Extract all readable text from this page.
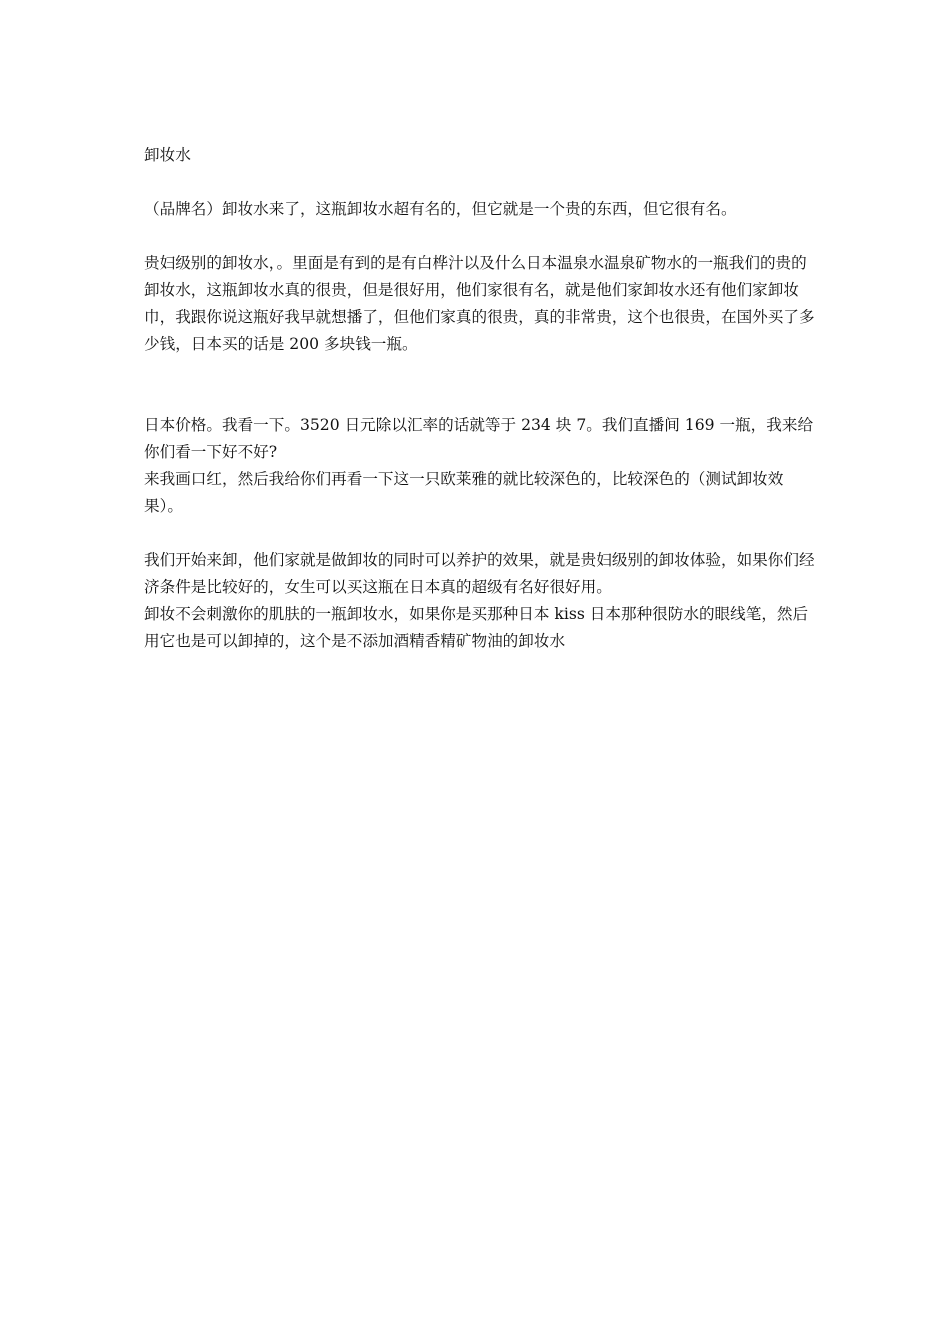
卸妆水

（品牌名）卸妆水来了，这瓶卸妆水超有名的，但它就是一个贵的东西，但它很有名。

贵妇级别的卸妆水，。里面是有到的是有白桦汁以及什么日本温泉水温泉矿物水的一瓶我们的贵的卸妆水，这瓶卸妆水真的很贵，但是很好用，他们家很有名，就是他们家卸妆水还有他们家卸妆巾，我跟你说这瓶好我早就想播了，但他们家真的很贵，真的非常贵，这个也很贵，在国外买了多少钱，日本买的话是 200 多块钱一瓶。

日本价格。我看一下。3520 日元除以汇率的话就等于 234 块 7。我们直播间 169 一瓶，我来给你们看一下好不好?

来我画口红，然后我给你们再看一下这一只欧莱雅的就比较深色的，比较深色的（测试卸妆效果）。

我们开始来卸，他们家就是做卸妆的同时可以养护的效果，就是贵妇级别的卸妆体验，如果你们经济条件是比较好的，女生可以买这瓶在日本真的超级有名好很好用。

卸妆不会刺激你的肌肤的一瓶卸妆水，如果你是买那种日本 kiss 日本那种很防水的眼线笔，然后用它也是可以卸掉的，这个是不添加酒精香精矿物油的卸妆水
